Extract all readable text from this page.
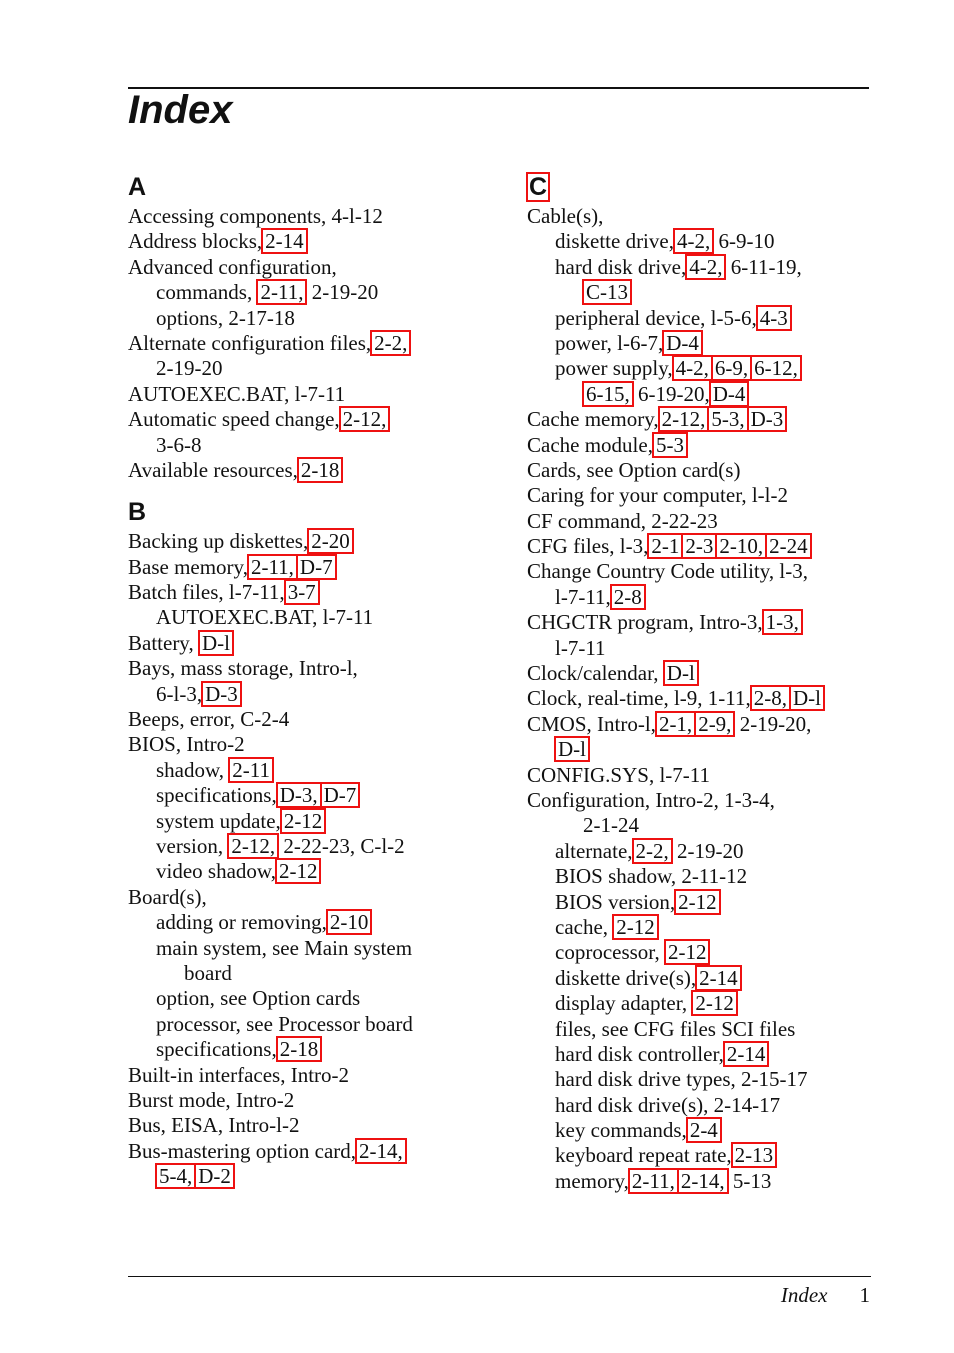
Index
A
Accessing components, 4-l-12
Address blocks, 2-14
Advanced configuration,
commands, 2-11, 2-19-20
options, 2-17-18
Alternate configuration files, 2-2,
2-19-20
AUTOEXEC.BAT, l-7-11
Automatic speed change, 2-12,
3-6-8
Available resources, 2-18
B
Backing up diskettes, 2-20
Base memory, 2-11, D-7
Batch files, l-7-11, 3-7
AUTOEXEC.BAT, l-7-11
Battery, D-l
Bays, mass storage, Intro-l,
6-l-3, D-3
Beeps, error, C-2-4
BIOS, Intro-2
shadow, 2-11
specifications, D-3, D-7
system update, 2-12
version, 2-12, 2-22-23, C-l-2
video shadow, 2-12
Board(s),
adding or removing, 2-10
main system, see Main system
board
option, see Option cards
processor, see Processor board
specifications, 2-18
Built-in interfaces, Intro-2
Burst mode, Intro-2
Bus, EISA, Intro-l-2
Bus-mastering option card, 2-14,
5-4, D-2
C
Cable(s),
diskette drive, 4-2, 6-9-10
hard disk drive, 4-2, 6-11-19,
C-13
peripheral device, l-5-6, 4-3
power, l-6-7, D-4
power supply, 4-2, 6-9, 6-12,
6-15, 6-19-20, D-4
Cache memory, 2-12, 5-3, D-3
Cache module, 5-3
Cards, see Option card(s)
Caring for your computer, l-l-2
CF command, 2-22-23
CFG files, l-3, 2-1 2-3 2-10, 2-24
Change Country Code utility, l-3,
l-7-11, 2-8
CHGCTR program, Intro-3, 1-3,
l-7-11
Clock/calendar, D-l
Clock, real-time, l-9, 1-11, 2-8, D-l
CMOS, Intro-l, 2-1, 2-9, 2-19-20,
D-l
CONFIG.SYS, l-7-11
Configuration, Intro-2, 1-3-4,
2-1-24
alternate, 2-2, 2-19-20
BIOS shadow, 2-11-12
BIOS version, 2-12
cache, 2-12
coprocessor, 2-12
diskette drive(s), 2-14
display adapter, 2-12
files, see CFG files SCI files
hard disk controller, 2-14
hard disk drive types, 2-15-17
hard disk drive(s), 2-14-17
key commands, 2-4
keyboard repeat rate, 2-13
memory, 2-11, 2-14, 5-13
Index 1
